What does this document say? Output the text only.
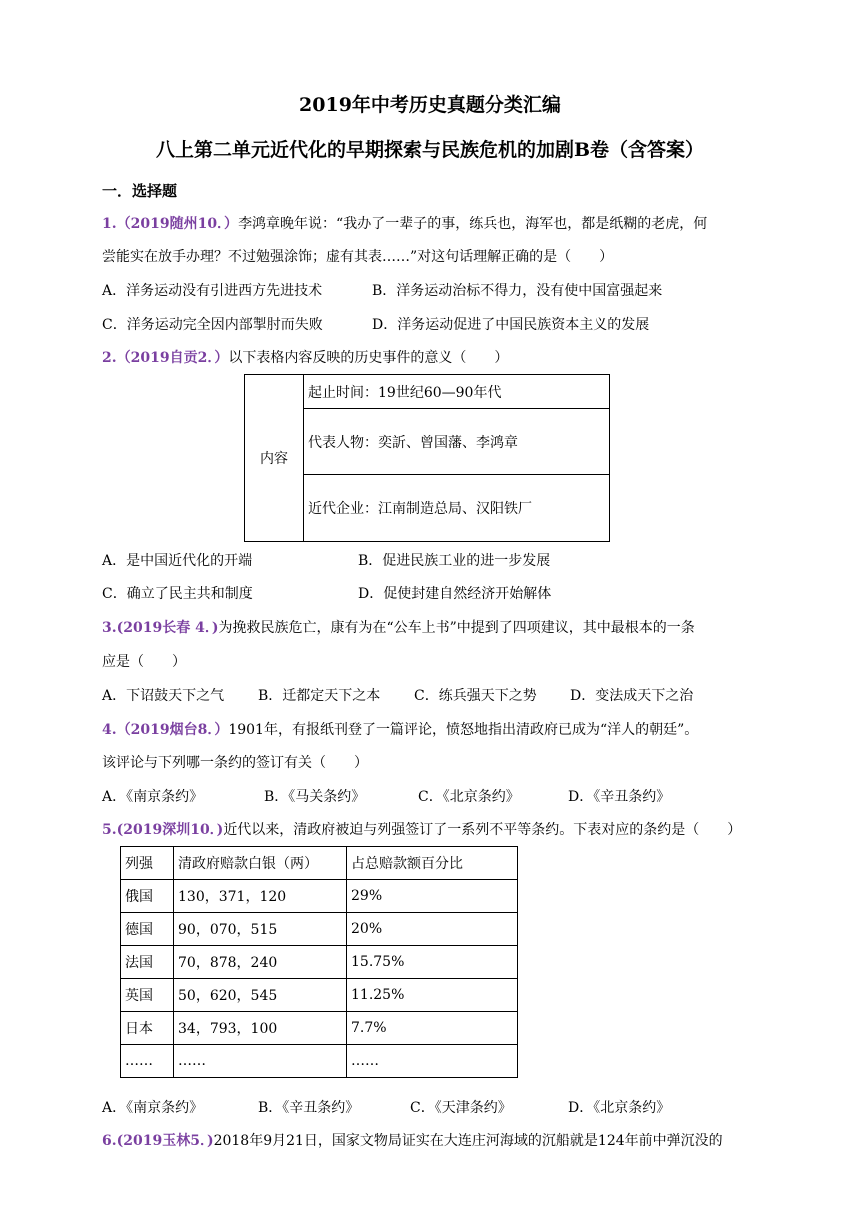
2019年中考历史真题分类汇编
八上第二单元近代化的早期探索与民族危机的加剧B卷（含答案）
一．选择题
1.（2019随州10．）李鸿章晚年说：“我办了一辈子的事，练兵也，海军也，都是纸糊的老虎，何
尝能实在放手办理？不过勉强涂饰；虚有其表……”对这句话理解正确的是（　　）
A．洋务运动没有引进西方先进技术	B．洋务运动治标不得力，没有使中国富强起来
C．洋务运动完全因内部掣肘而失败	D．洋务运动促进了中国民族资本主义的发展
2.（2019自贡2．）以下表格内容反映的历史事件的意义（　　）
内容	起止时间：19世纪60—90年代
代表人物：奕訢、曾国藩、李鸿章
近代企业：江南制造总局、汉阳铁厂
A．是中国近代化的开端	B．促进民族工业的进一步发展
C．确立了民主共和制度	D．促使封建自然经济开始解体
3.(2019长春 4．)为挽救民族危亡，康有为在“公车上书”中提到了四项建议，其中最根本的一条
应是（　　）
A．下诏鼓天下之气 B．迁都定天下之本 C．练兵强天下之势 D．变法成天下之治
4.（2019烟台8．）1901年，有报纸刊登了一篇评论，愤怒地指出清政府已成为“洋人的朝廷”。
该评论与下列哪一条约的签订有关（　　）
A．《南京条约》	B．《马关条约》	C．《北京条约》	D．《辛丑条约》
5.(2019深圳10．)近代以来，清政府被迫与列强签订了一系列不平等条约。下表对应的条约是（　　）
列强	清政府赔款白银（两）	占总赔款额百分比
俄国	130，371，120	29%
德国	90，070，515	20%
法国	70，878，240	15.75%
英国	50，620，545	11.25%
日本	34，793，100	7.7%
……	……	……
A．《南京条约》	B．《辛丑条约》	C．《天津条约》	D．《北京条约》
6.(2019玉林5．)2018年9月21日，国家文物局证实在大连庄河海域的沉船就是124年前中弹沉没的
